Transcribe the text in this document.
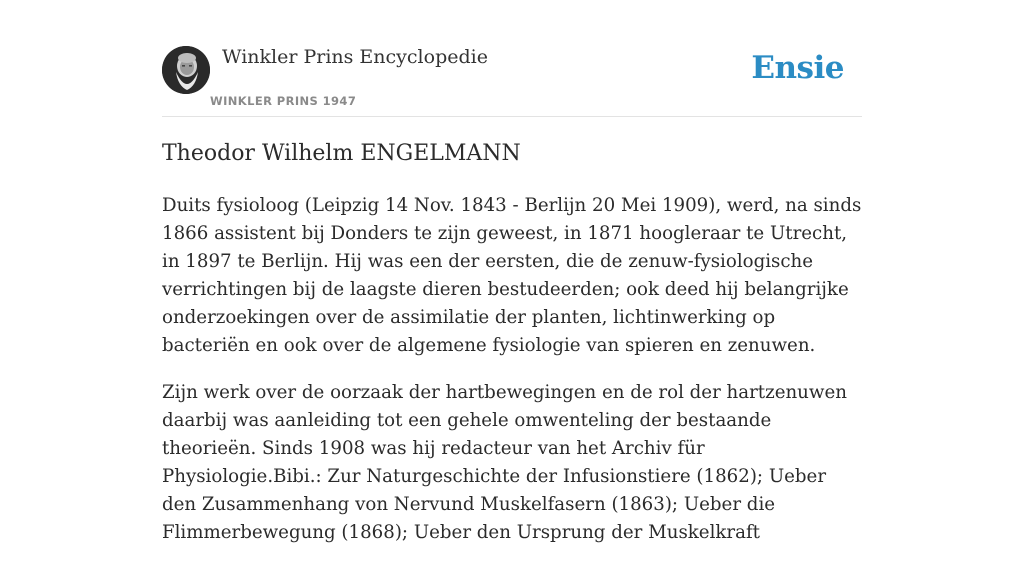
Winkler Prins Encyclopedie
WINKLER PRINS 1947
Ensie
Theodor Wilhelm ENGELMANN

Duits fysioloog (Leipzig 14 Nov. 1843 - Berlijn 20 Mei 1909), werd, na sinds 1866 assistent bij Donders te zijn geweest, in 1871 hoogleraar te Utrecht, in 1897 te Berlijn. Hij was een der eersten, die de zenuw-fysiologische verrichtingen bij de laagste dieren bestudeerden; ook deed hij belangrijke onderzoekingen over de assimilatie der planten, lichtinwerking op bacteriën en ook over de algemene fysiologie van spieren en zenuwen.

Zijn werk over de oorzaak der hartbewegingen en de rol der hartzenuwen daarbij was aanleiding tot een gehele omwenteling der bestaande theorieën. Sinds 1908 was hij redacteur van het Archiv für Physiologie.Bibi.: Zur Naturgeschichte der Infusionstiere (1862); Ueber den Zusammenhang von Nervund Muskelfasern (1863); Ueber die Flimmerbewegung (1868); Ueber den Ursprung der Muskelkraft
